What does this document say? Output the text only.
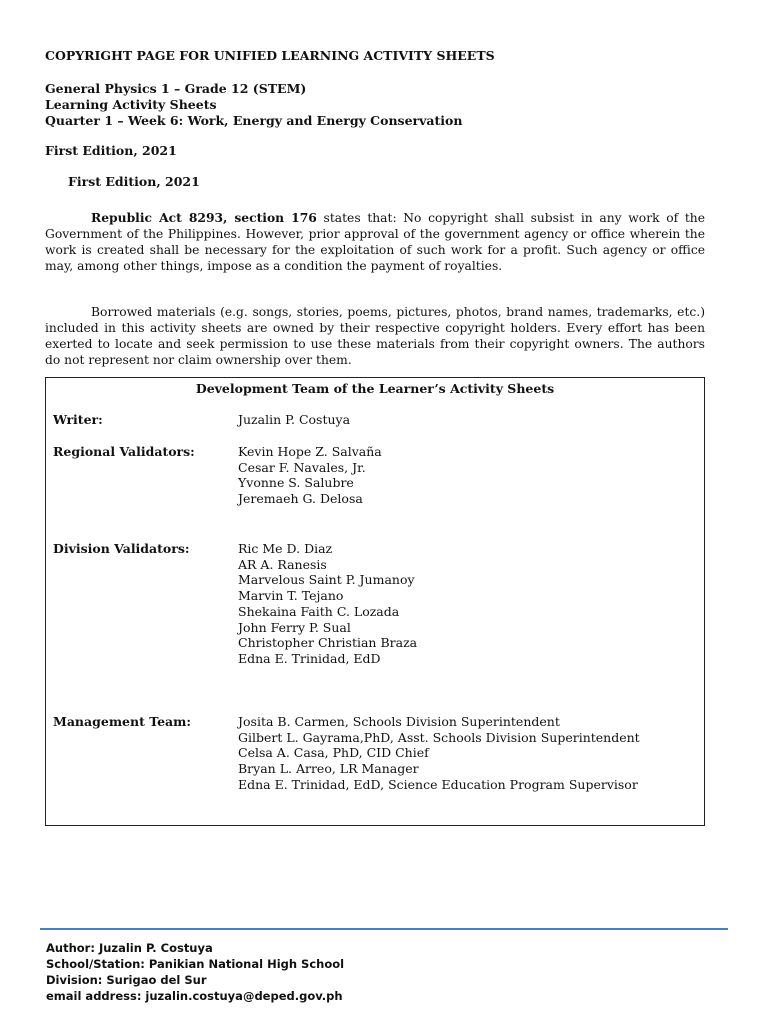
COPYRIGHT PAGE FOR UNIFIED LEARNING ACTIVITY SHEETS
General Physics 1 – Grade 12 (STEM)
Learning Activity Sheets
Quarter 1 – Week 6: Work, Energy and Energy Conservation
First Edition, 2021
First Edition, 2021
Republic Act 8293, section 176 states that: No copyright shall subsist in any work of the Government of the Philippines. However, prior approval of the government agency or office wherein the work is created shall be necessary for the exploitation of such work for a profit. Such agency or office may, among other things, impose as a condition the payment of royalties.
Borrowed materials (e.g. songs, stories, poems, pictures, photos, brand names, trademarks, etc.) included in this activity sheets are owned by their respective copyright holders. Every effort has been exerted to locate and seek permission to use these materials from their copyright owners. The authors do not represent nor claim ownership over them.
Development Team of the Learner’s Activity Sheets
Writer:	Juzalin P. Costuya
Regional Validators:	Kevin Hope Z. Salvaña
Cesar F. Navales, Jr.
Yvonne S. Salubre
Jeremaeh G. Delosa
Division Validators:	Ric Me D. Diaz
AR A. Ranesis
Marvelous Saint P. Jumanoy
Marvin T. Tejano
Shekaina Faith C. Lozada
John Ferry P. Sual
Christopher Christian Braza
Edna E. Trinidad, EdD
Management Team:	Josita B. Carmen, Schools Division Superintendent
Gilbert L. Gayrama,PhD, Asst. Schools Division Superintendent
Celsa A. Casa, PhD, CID Chief
Bryan L. Arreo, LR Manager
Edna E. Trinidad, EdD, Science Education Program Supervisor
Author: Juzalin P. Costuya
School/Station: Panikian National High School
Division: Surigao del Sur
email address: juzalin.costuya@deped.gov.ph
